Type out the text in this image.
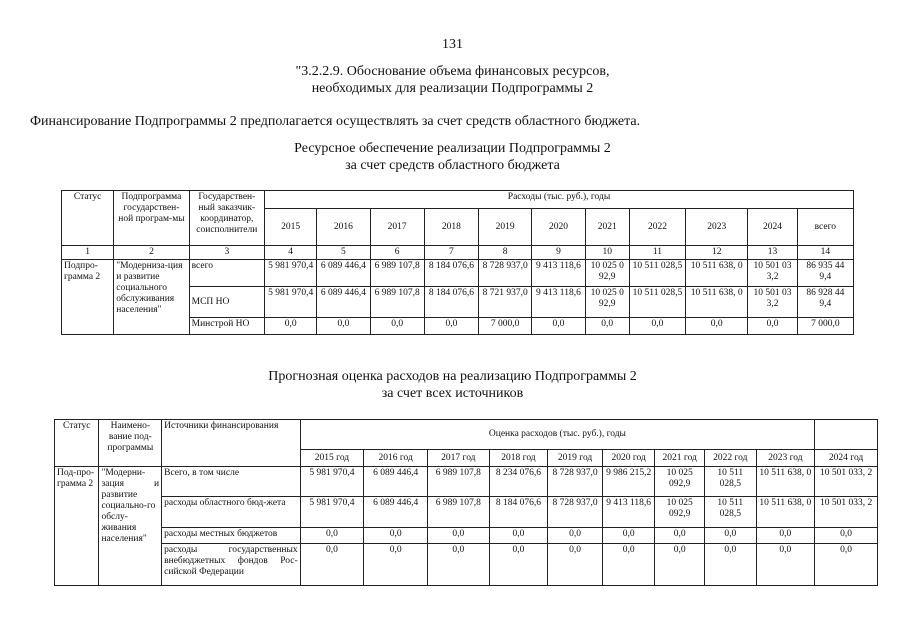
131
"3.2.2.9. Обоснование объема финансовых ресурсов,
необходимых для реализации Подпрограммы 2
Финансирование Подпрограммы 2 предполагается осуществлять за счет средств областного бюджета.
Ресурсное обеспечение реализации Подпрограммы 2
за счет средств областного бюджета
Статус	Подпрограмма государствен-ной програм-мы	Государствен-ный заказчик-координатор, соисполнители	Расходы (тыс. руб.), годы										
			2015	2016	2017	2018	2019	2020	2021	2022	2023	2024	всего
1	2	3	4	5	6	7	8	9	10	11	12	13	14
Подпро-грамма 2	"Модерниза-ция и развитие социального обслуживания населения"	всего	5 981 970,4	6 089 446,4	6 989 107,8	8 184 076,6	8 728 937,0	9 413 118,6	10 025 0 92,9	10 511 028,5	10 511 638, 0	10 501 03 3,2	86 935 44 9,4
		МСП НО	5 981 970,4	6 089 446,4	6 989 107,8	8 184 076,6	8 721 937,0	9 413 118,6	10 025 0 92,9	10 511 028,5	10 511 638, 0	10 501 03 3,2	86 928 44 9,4
		Минстрой НО	0,0	0,0	0,0	0,0	7 000,0	0,0	0,0	0,0	0,0	0,0	7 000,0
Прогнозная оценка расходов на реализацию Подпрограммы 2
за счет всех источников
Статус	Наимено-вание под-программы	Источники финансирования	Оценка расходов (тыс. руб.), годы									
			2015 год	2016 год	2017 год	2018 год	2019 год	2020 год	2021 год	2022 год	2023 год	2024 год
Под-про-грамма 2	"Модерни-зация и развитие социально-го обслу-живания населения"	Всего, в том числе	5 981 970,4	6 089 446,4	6 989 107,8	8 234 076,6	8 728 937,0	9 986 215,2	10 025 092,9	10 511 028,5	10 511 638, 0	10 501 033, 2
		расходы областного бюд-жета	5 981 970,4	6 089 446,4	6 989 107,8	8 184 076,6	8 728 937,0	9 413 118,6	10 025 092,9	10 511 028,5	10 511 638, 0	10 501 033, 2
		расходы местных бюджетов	0,0	0,0	0,0	0,0	0,0	0,0	0,0	0,0	0,0	0,0
		расходы государственных внебюджетных фондов Рос-сийской Федерации	0,0	0,0	0,0	0,0	0,0	0,0	0,0	0,0	0,0	0,0
